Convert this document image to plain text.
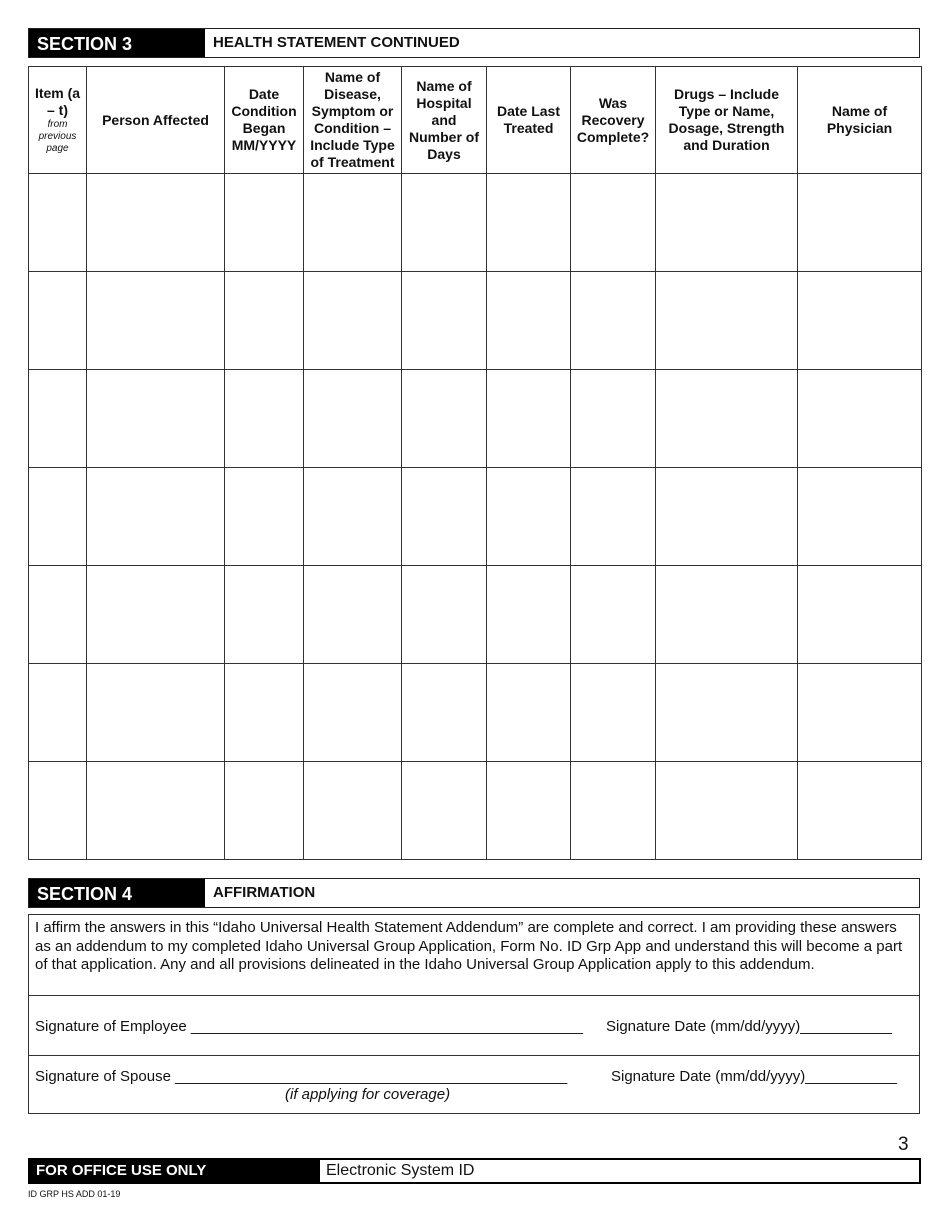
SECTION 3	HEALTH STATEMENT CONTINUED
Item (a – t)
from previous page	Person Affected	Date Condition Began MM/YYYY	Name of Disease, Symptom or Condition – Include Type of Treatment	Name of Hospital and Number of Days	Date Last Treated	Was Recovery Complete?	Drugs – Include Type or Name, Dosage, Strength and Duration	Name of Physician

SECTION 4	AFFIRMATION
I affirm the answers in this “Idaho Universal Health Statement Addendum” are complete and correct. I am providing these answers as an addendum to my completed Idaho Universal Group Application, Form No. ID Grp App and understand this will become a part of that application. Any and all provisions delineated in the Idaho Universal Group Application apply to this addendum.
Signature of Employee _______________________________________________ Signature Date (mm/dd/yyyy)___________
Signature of Spouse _______________________________________________
(if applying for coverage)
Signature Date (mm/dd/yyyy)___________
3
FOR OFFICE USE ONLY	Electronic System ID
ID GRP HS ADD 01-19
